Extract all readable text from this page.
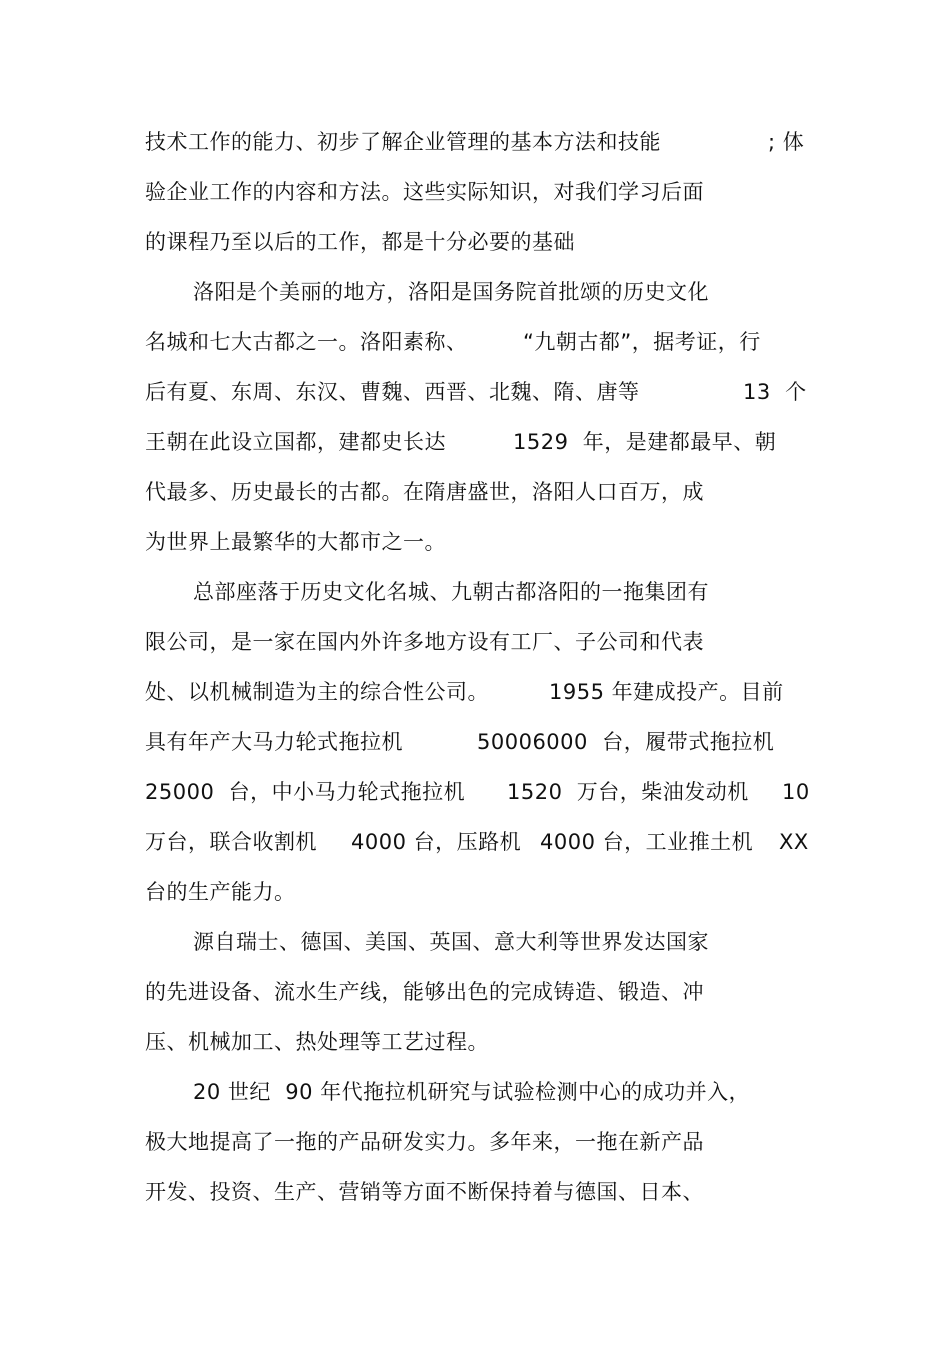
技术工作的能力、初步了解企业管理的基本方法和技能

	; 体

验企业工作的内容和方法。这些实际知识，对我们学习后面
的课程乃至以后的工作，都是十分必要的基础
洛阳是个美丽的地方，洛阳是国务院首批颂的历史文化

名城和七大古都之一。洛阳素称、

	“九朝古都”，据考证，行

后有夏、东周、东汉、曹魏、西晋、北魏、隋、唐等

	13  个

王朝在此设立国都，建都史长达

	1529  年，是建都最早、朝

代最多、历史最长的古都。在隋唐盛世，洛阳人口百万，成
为世界上最繁华的大都市之一。
总部座落于历史文化名城、九朝古都洛阳的一拖集团有
限公司，是一家在国内外许多地方设有工厂、子公司和代表

处、以机械制造为主的综合性公司。

	1955 年建成投产。目前

具有年产大马力轮式拖拉机

	50006000  台，履带式拖拉机

25000  台，中小马力轮式拖拉机

1520  万台，柴油发动机

10

万台，联合收割机

4000 台，压路机

4000 台，工业推土机

XX

台的生产能力。
源自瑞士、德国、美国、英国、意大利等世界发达国家
的先进设备、流水生产线，能够出色的完成铸造、锻造、冲
压、机械加工、热处理等工艺过程。
20 世纪  90 年代拖拉机研究与试验检测中心的成功并入，
极大地提高了一拖的产品研发实力。多年来，一拖在新产品
开发、投资、生产、营销等方面不断保持着与德国、日本、
